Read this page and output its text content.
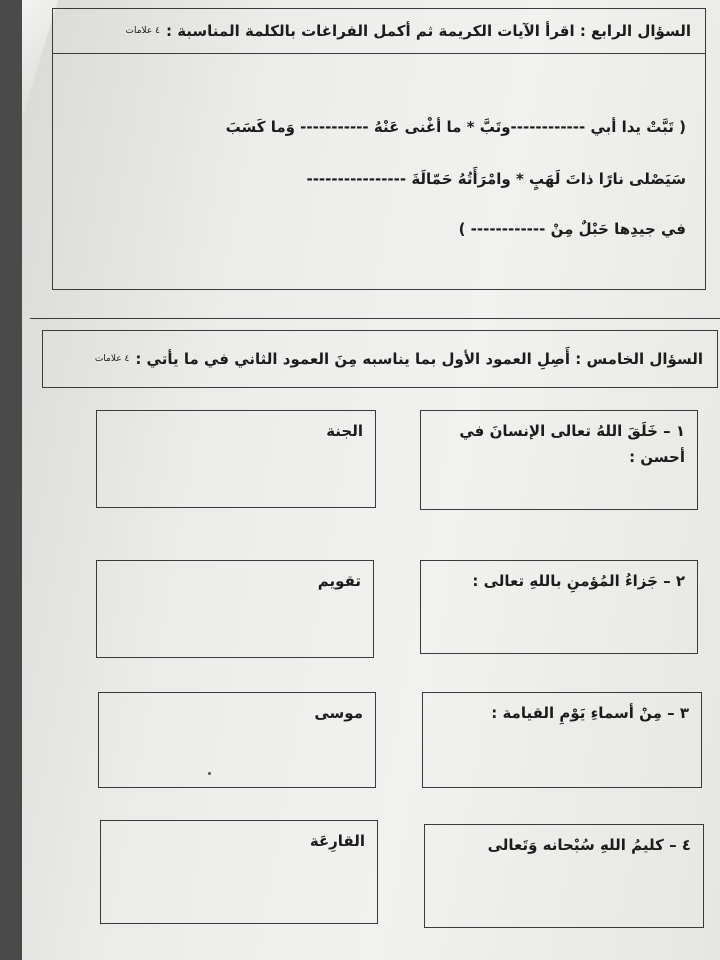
السؤال الرابع : اقرأ الآيات الكريمة ثم أكمل الفراغات بالكلمة المناسبة :
٤ علامات
( تَبَّتْ يدا أبي ------------وتَبَّ * ما أغْنى عَنْهُ ----------- وَما كَسَبَ
سَيَصْلى نارًا ذاتَ لَهَبٍ * وامْرَأَتُهُ حَمّالَةَ ----------------
في جيدِها حَبْلٌ مِنْ ------------ )
السؤال الخامس : أَصِلِ العمود الأول بما يناسبه مِنَ العمود الثاني في ما يأتي :
٤ علامات
١ – خَلَقَ اللهُ تعالى الإنسانَ في أحسن :
٢ – جَزاءُ المُؤمنِ باللهِ تعالى :
٣ – مِنْ أسماءِ يَوْمِ القيامة :
٤ – كليمُ اللهِ سُبْحانه وَتَعالى
الجنة
تقويم
موسى
القارِعَة
